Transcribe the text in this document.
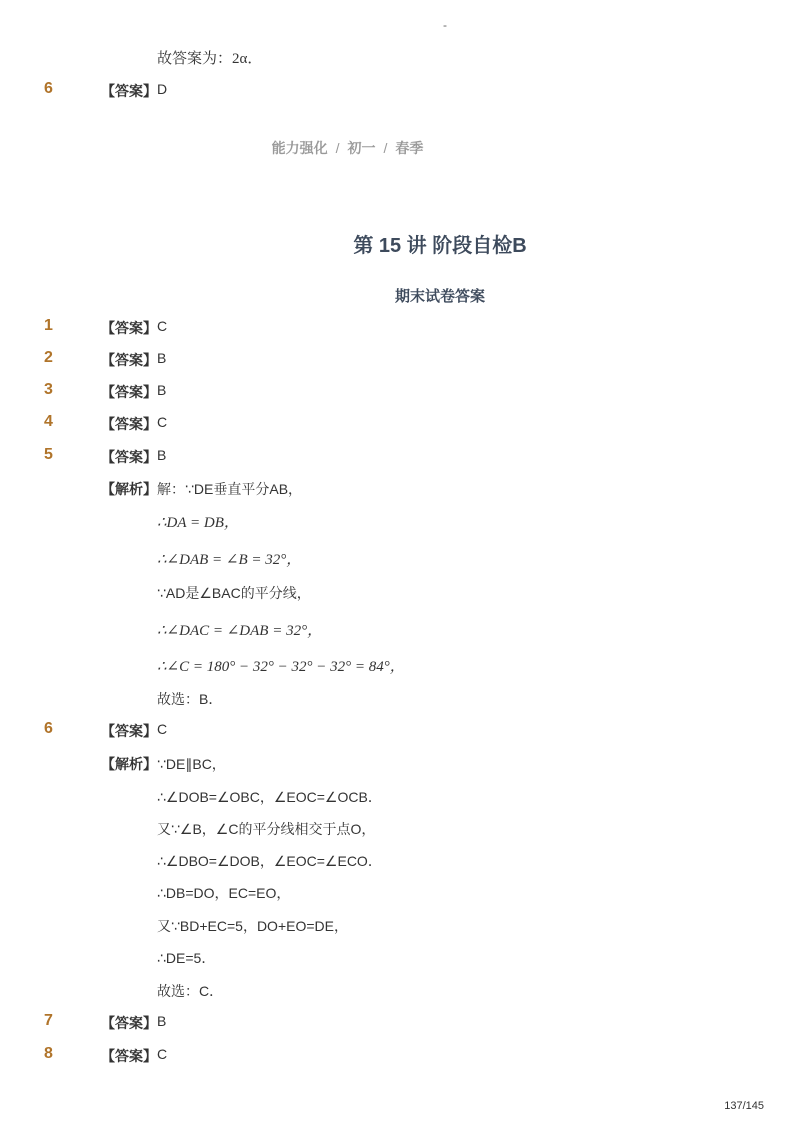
-
故答案为：2α．
6	【答案】 D
能力强化 / 初一 / 春季
第 15 讲 阶段自检B
期末试卷答案
1	【答案】 C
2	【答案】 B
3	【答案】 B
4	【答案】 C
5	【答案】 B
【解析】 解：∵DE垂直平分AB，
∴DA = DB，
∴∠DAB = ∠B = 32°，
∵AD是∠BAC的平分线，
∴∠DAC = ∠DAB = 32°，
∴∠C = 180° − 32° − 32° − 32° = 84°，
故选：B．
6	【答案】 C
【解析】 ∵DE∥BC，
∴∠DOB=∠OBC，∠EOC=∠OCB．
又∵∠B，∠C的平分线相交于点O，
∴∠DBO=∠DOB，∠EOC=∠ECO．
∴DB=DO，EC=EO，
又∵BD+EC=5，DO+EO=DE，
∴DE=5．
故选：C．
7	【答案】 B
8	【答案】 C
137/145
